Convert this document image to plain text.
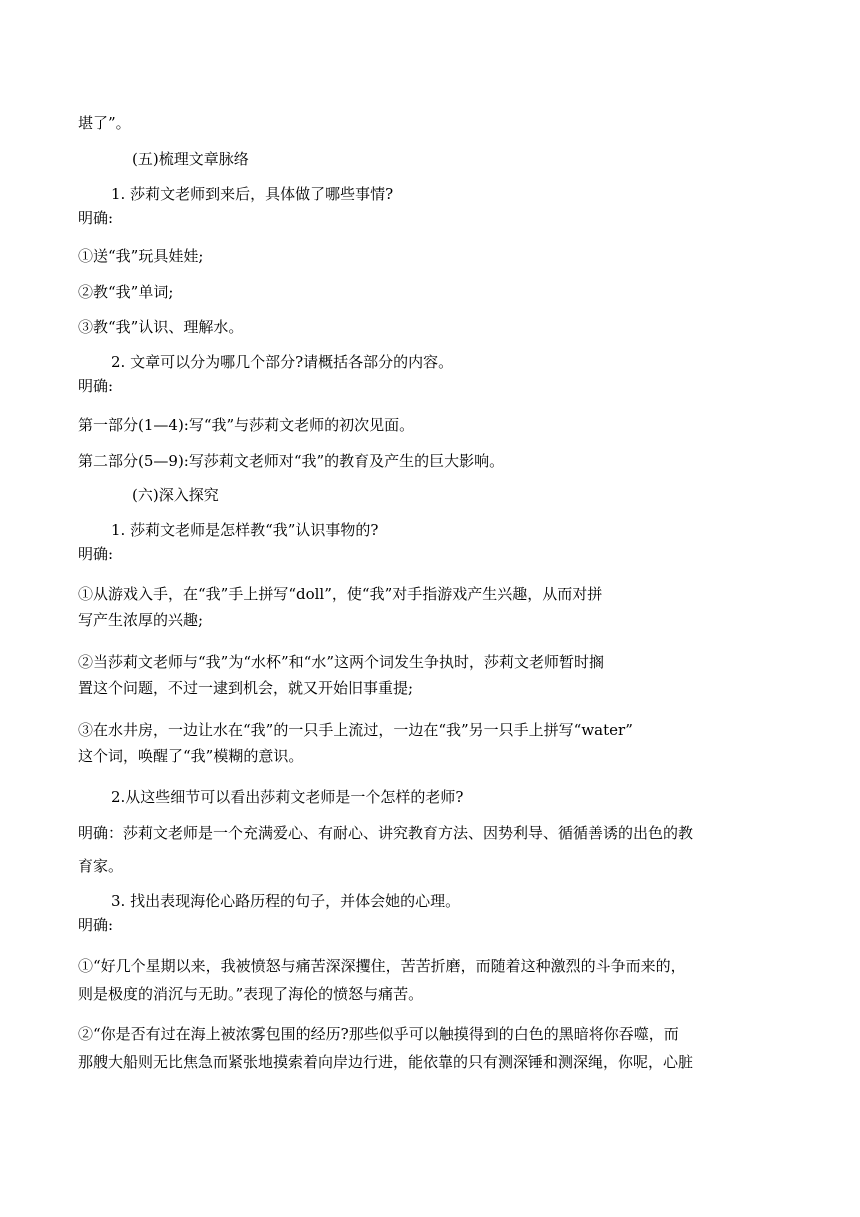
堪了”。
(五)梳理文章脉络
1. 莎莉文老师到来后，具体做了哪些事情?
明确:
①送“我”玩具娃娃;
②教“我”单词;
③教“我”认识、理解水。
2. 文章可以分为哪几个部分?请概括各部分的内容。
明确:
第一部分(1—4):写“我”与莎莉文老师的初次见面。
第二部分(5—9):写莎莉文老师对“我”的教育及产生的巨大影响。
(六)深入探究
1. 莎莉文老师是怎样教“我”认识事物的?
明确:
①从游戏入手，在“我”手上拼写“doll”，使“我”对手指游戏产生兴趣，从而对拼
写产生浓厚的兴趣;
②当莎莉文老师与“我”为“水杯”和“水”这两个词发生争执时，莎莉文老师暂时搁
置这个问题，不过一逮到机会，就又开始旧事重提;
③在水井房，一边让水在“我”的一只手上流过，一边在“我”另一只手上拼写“water”
这个词，唤醒了“我”模糊的意识。
2.从这些细节可以看出莎莉文老师是一个怎样的老师?
明确：莎莉文老师是一个充满爱心、有耐心、讲究教育方法、因势利导、循循善诱的出色的教
育家。
3. 找出表现海伦心路历程的句子，并体会她的心理。
明确:
①“好几个星期以来，我被愤怒与痛苦深深攫住，苦苦折磨，而随着这种激烈的斗争而来的，
则是极度的消沉与无助。”表现了海伦的愤怒与痛苦。
②“你是否有过在海上被浓雾包围的经历?那些似乎可以触摸得到的白色的黑暗将你吞噬，而
那艘大船则无比焦急而紧张地摸索着向岸边行进，能依靠的只有测深锤和测深绳，你呢，心脏
